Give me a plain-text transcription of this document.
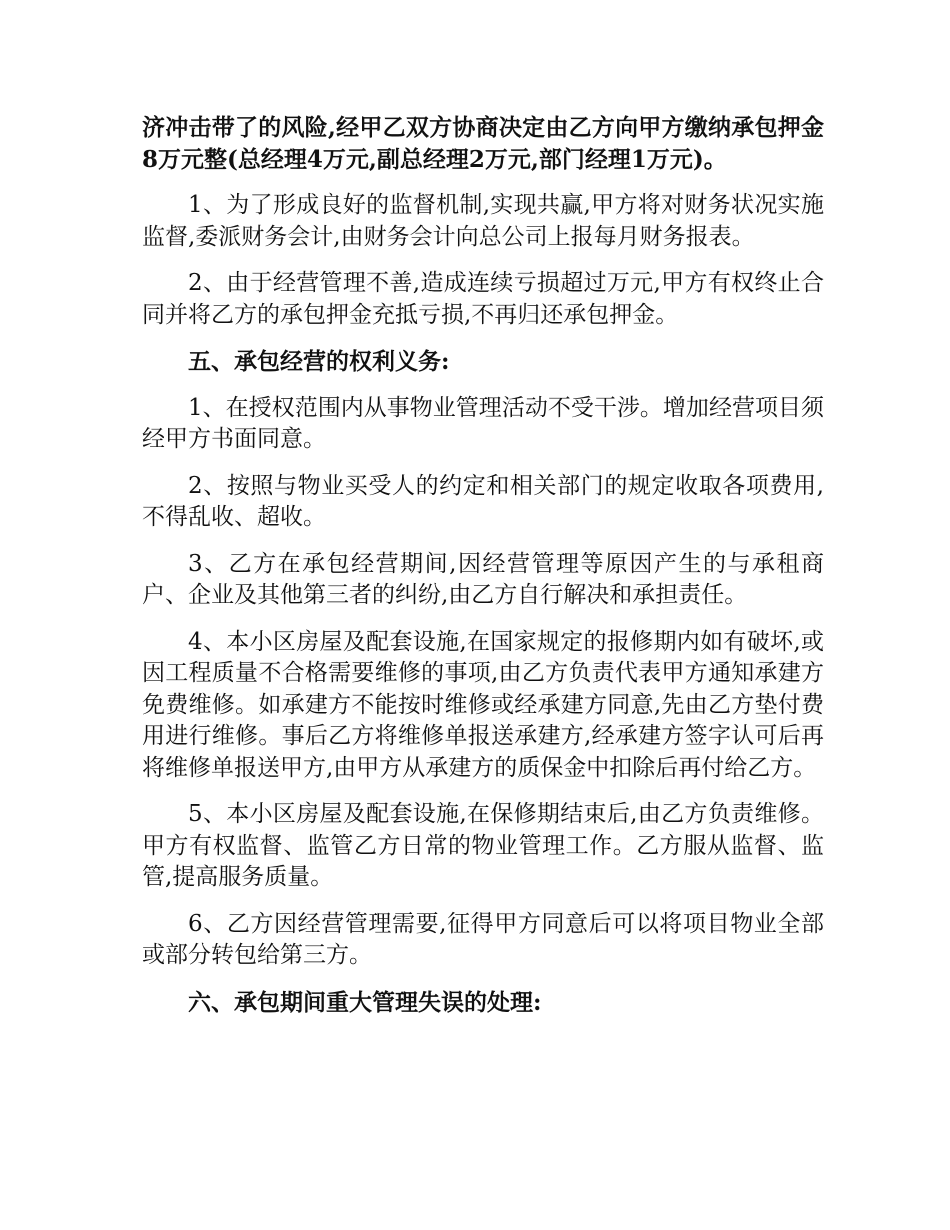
济冲击带了的风险,经甲乙双方协商决定由乙方向甲方缴纳承包押金8万元整(总经理4万元,副总经理2万元,部门经理1万元)。

1、为了形成良好的监督机制,实现共赢,甲方将对财务状况实施监督,委派财务会计,由财务会计向总公司上报每月财务报表。

2、由于经营管理不善,造成连续亏损超过万元,甲方有权终止合同并将乙方的承包押金充抵亏损,不再归还承包押金。

五、承包经营的权利义务:

1、在授权范围内从事物业管理活动不受干涉。增加经营项目须经甲方书面同意。

2、按照与物业买受人的约定和相关部门的规定收取各项费用,不得乱收、超收。

3、乙方在承包经营期间,因经营管理等原因产生的与承租商户、企业及其他第三者的纠纷,由乙方自行解决和承担责任。

4、本小区房屋及配套设施,在国家规定的报修期内如有破坏,或因工程质量不合格需要维修的事项,由乙方负责代表甲方通知承建方免费维修。如承建方不能按时维修或经承建方同意,先由乙方垫付费用进行维修。事后乙方将维修单报送承建方,经承建方签字认可后再将维修单报送甲方,由甲方从承建方的质保金中扣除后再付给乙方。

5、本小区房屋及配套设施,在保修期结束后,由乙方负责维修。甲方有权监督、监管乙方日常的物业管理工作。乙方服从监督、监管,提高服务质量。

6、乙方因经营管理需要,征得甲方同意后可以将项目物业全部或部分转包给第三方。

六、承包期间重大管理失误的处理:
